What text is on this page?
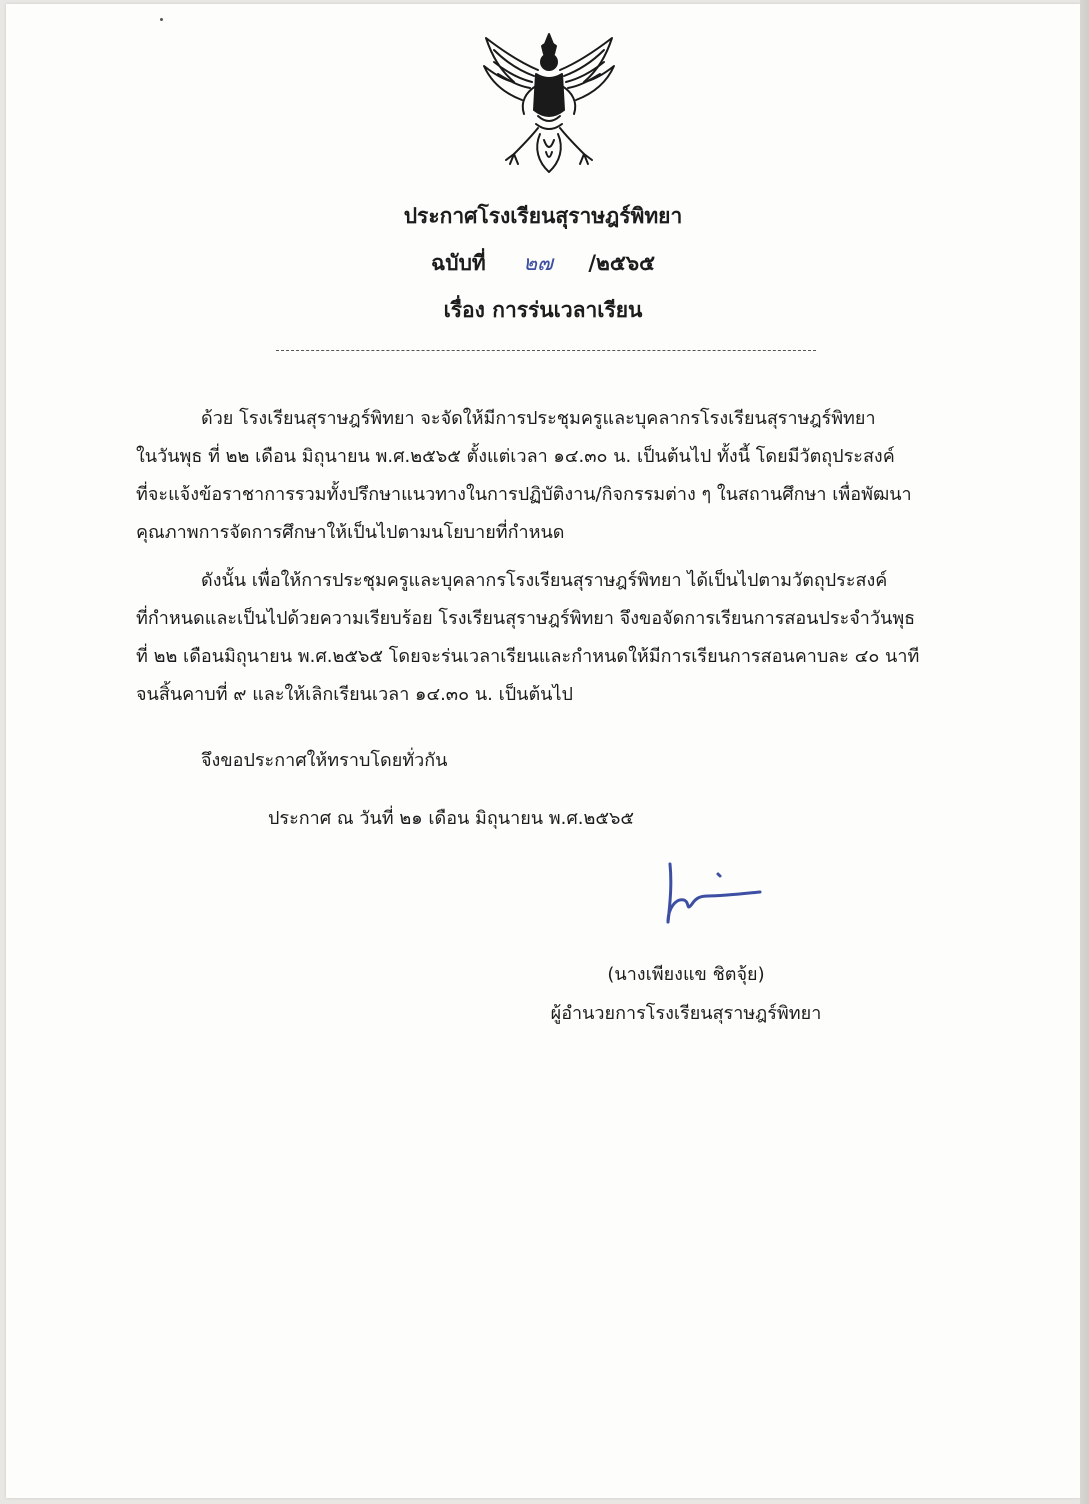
ประกาศโรงเรียนสุราษฎร์พิทยา
ฉบับที่ ๒๗ /๒๕๖๕
เรื่อง การร่นเวลาเรียน
ด้วย โรงเรียนสุราษฎร์พิทยา จะจัดให้มีการประชุมครูและบุคลากรโรงเรียนสุราษฎร์พิทยา
ในวันพุธ ที่ ๒๒ เดือน มิถุนายน พ.ศ.๒๕๖๕ ตั้งแต่เวลา ๑๔.๓๐ น. เป็นต้นไป ทั้งนี้ โดยมีวัตถุประสงค์
ที่จะแจ้งข้อราชาการรวมทั้งปรึกษาแนวทางในการปฏิบัติงาน/กิจกรรมต่าง ๆ ในสถานศึกษา เพื่อพัฒนา
คุณภาพการจัดการศึกษาให้เป็นไปตามนโยบายที่กำหนด
ดังนั้น เพื่อให้การประชุมครูและบุคลากรโรงเรียนสุราษฎร์พิทยา ได้เป็นไปตามวัตถุประสงค์
ที่กำหนดและเป็นไปด้วยความเรียบร้อย โรงเรียนสุราษฎร์พิทยา จึงขอจัดการเรียนการสอนประจำวันพุธ
ที่ ๒๒ เดือนมิถุนายน พ.ศ.๒๕๖๕ โดยจะร่นเวลาเรียนและกำหนดให้มีการเรียนการสอนคาบละ ๔๐ นาที
จนสิ้นคาบที่ ๙ และให้เลิกเรียนเวลา ๑๔.๓๐ น. เป็นต้นไป
จึงขอประกาศให้ทราบโดยทั่วกัน
ประกาศ ณ วันที่ ๒๑ เดือน มิถุนายน พ.ศ.๒๕๖๕
(นางเพียงแข ชิตจุ้ย)
ผู้อำนวยการโรงเรียนสุราษฎร์พิทยา
